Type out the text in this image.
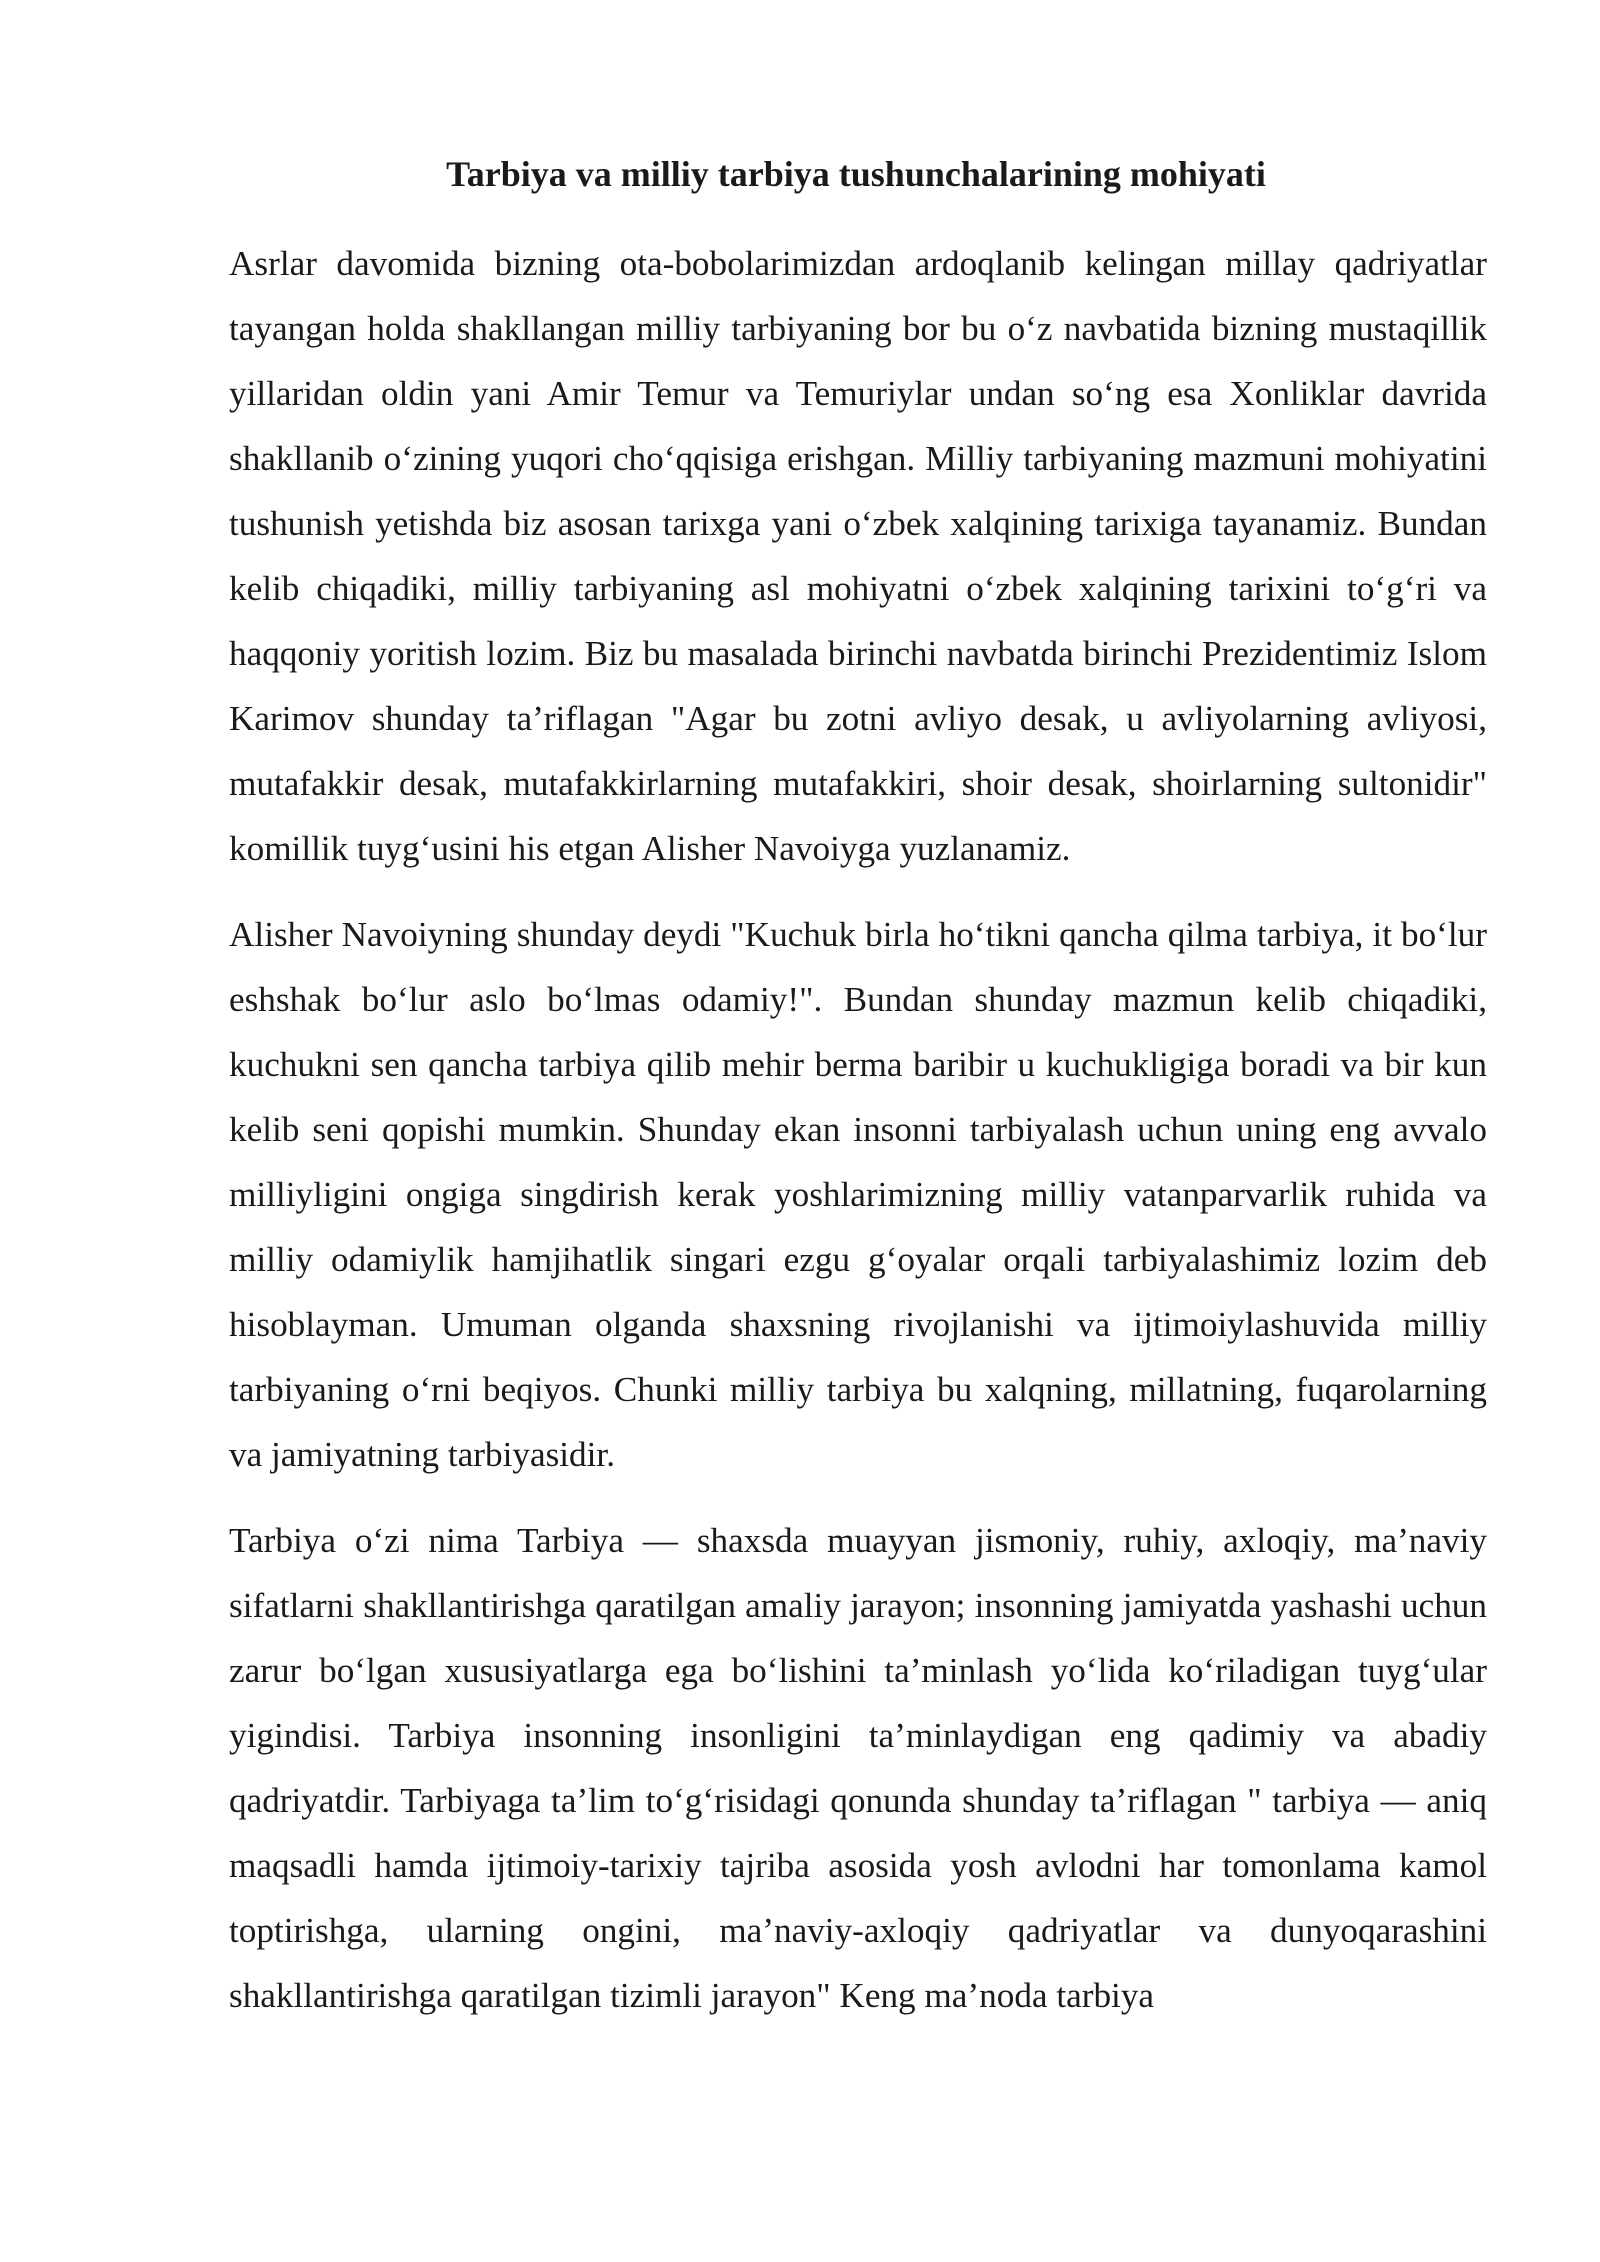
Tarbiya va milliy tarbiya tushunchalarining mohiyati

Asrlar davomida bizning ota-bobolarimizdan ardoqlanib kelingan millay qadriyatlar tayangan holda shakllangan milliy tarbiyaning bor bu o‘z navbatida bizning mustaqillik yillaridan oldin yani Amir Temur va Temuriylar undan so‘ng esa Xonliklar davrida shakllanib o‘zining yuqori cho‘qqisiga erishgan. Milliy tarbiyaning mazmuni mohiyatini tushunish yetishda biz asosan tarixga yani o‘zbek xalqining tarixiga tayanamiz. Bundan kelib chiqadiki, milliy tarbiyaning asl mohiyatni o‘zbek xalqining tarixini to‘g‘ri va haqqoniy yoritish lozim. Biz bu masalada birinchi navbatda birinchi Prezidentimiz Islom Karimov shunday ta’riflagan "Agar bu zotni avliyo desak, u avliyolarning avliyosi, mutafakkir desak, mutafakkirlarning mutafakkiri, shoir desak, shoirlarning sultonidir" komillik tuyg‘usini his etgan Alisher Navoiyga yuzlanamiz.

Alisher Navoiyning shunday deydi "Kuchuk birla ho‘tikni qancha qilma tarbiya, it bo‘lur eshshak bo‘lur aslo bo‘lmas odamiy!". Bundan shunday mazmun kelib chiqadiki, kuchukni sen qancha tarbiya qilib mehir berma baribir u kuchukligiga boradi va bir kun kelib seni qopishi mumkin. Shunday ekan insonni tarbiyalash uchun uning eng avvalo milliyligini ongiga singdirish kerak yoshlarimizning milliy vatanparvarlik ruhida va milliy odamiylik hamjihatlik singari ezgu g‘oyalar orqali tarbiyalashimiz lozim deb hisoblayman. Umuman olganda shaxsning rivojlanishi va ijtimoiylashuvida milliy tarbiyaning o‘rni beqiyos. Chunki milliy tarbiya bu xalqning, millatning, fuqarolarning va jamiyatning tarbiyasidir.

Tarbiya o‘zi nima Tarbiya — shaxsda muayyan jismoniy, ruhiy, axloqiy, ma’naviy sifatlarni shakllantirishga qaratilgan amaliy jarayon; insonning jamiyatda yashashi uchun zarur bo‘lgan xususiyatlarga ega bo‘lishini ta’minlash yo‘lida ko‘riladigan tuyg‘ular yigindisi. Tarbiya insonning insonligini ta’minlaydigan eng qadimiy va abadiy qadriyatdir. Tarbiyaga ta’lim to‘g‘risidagi qonunda shunday ta’riflagan " tarbiya — aniq maqsadli hamda ijtimoiy-tarixiy tajriba asosida yosh avlodni har tomonlama kamol toptirishga, ularning ongini, ma’naviy-axloqiy qadriyatlar va dunyoqarashini shakllantirishga qaratilgan tizimli jarayon" Keng ma’noda tarbiya
